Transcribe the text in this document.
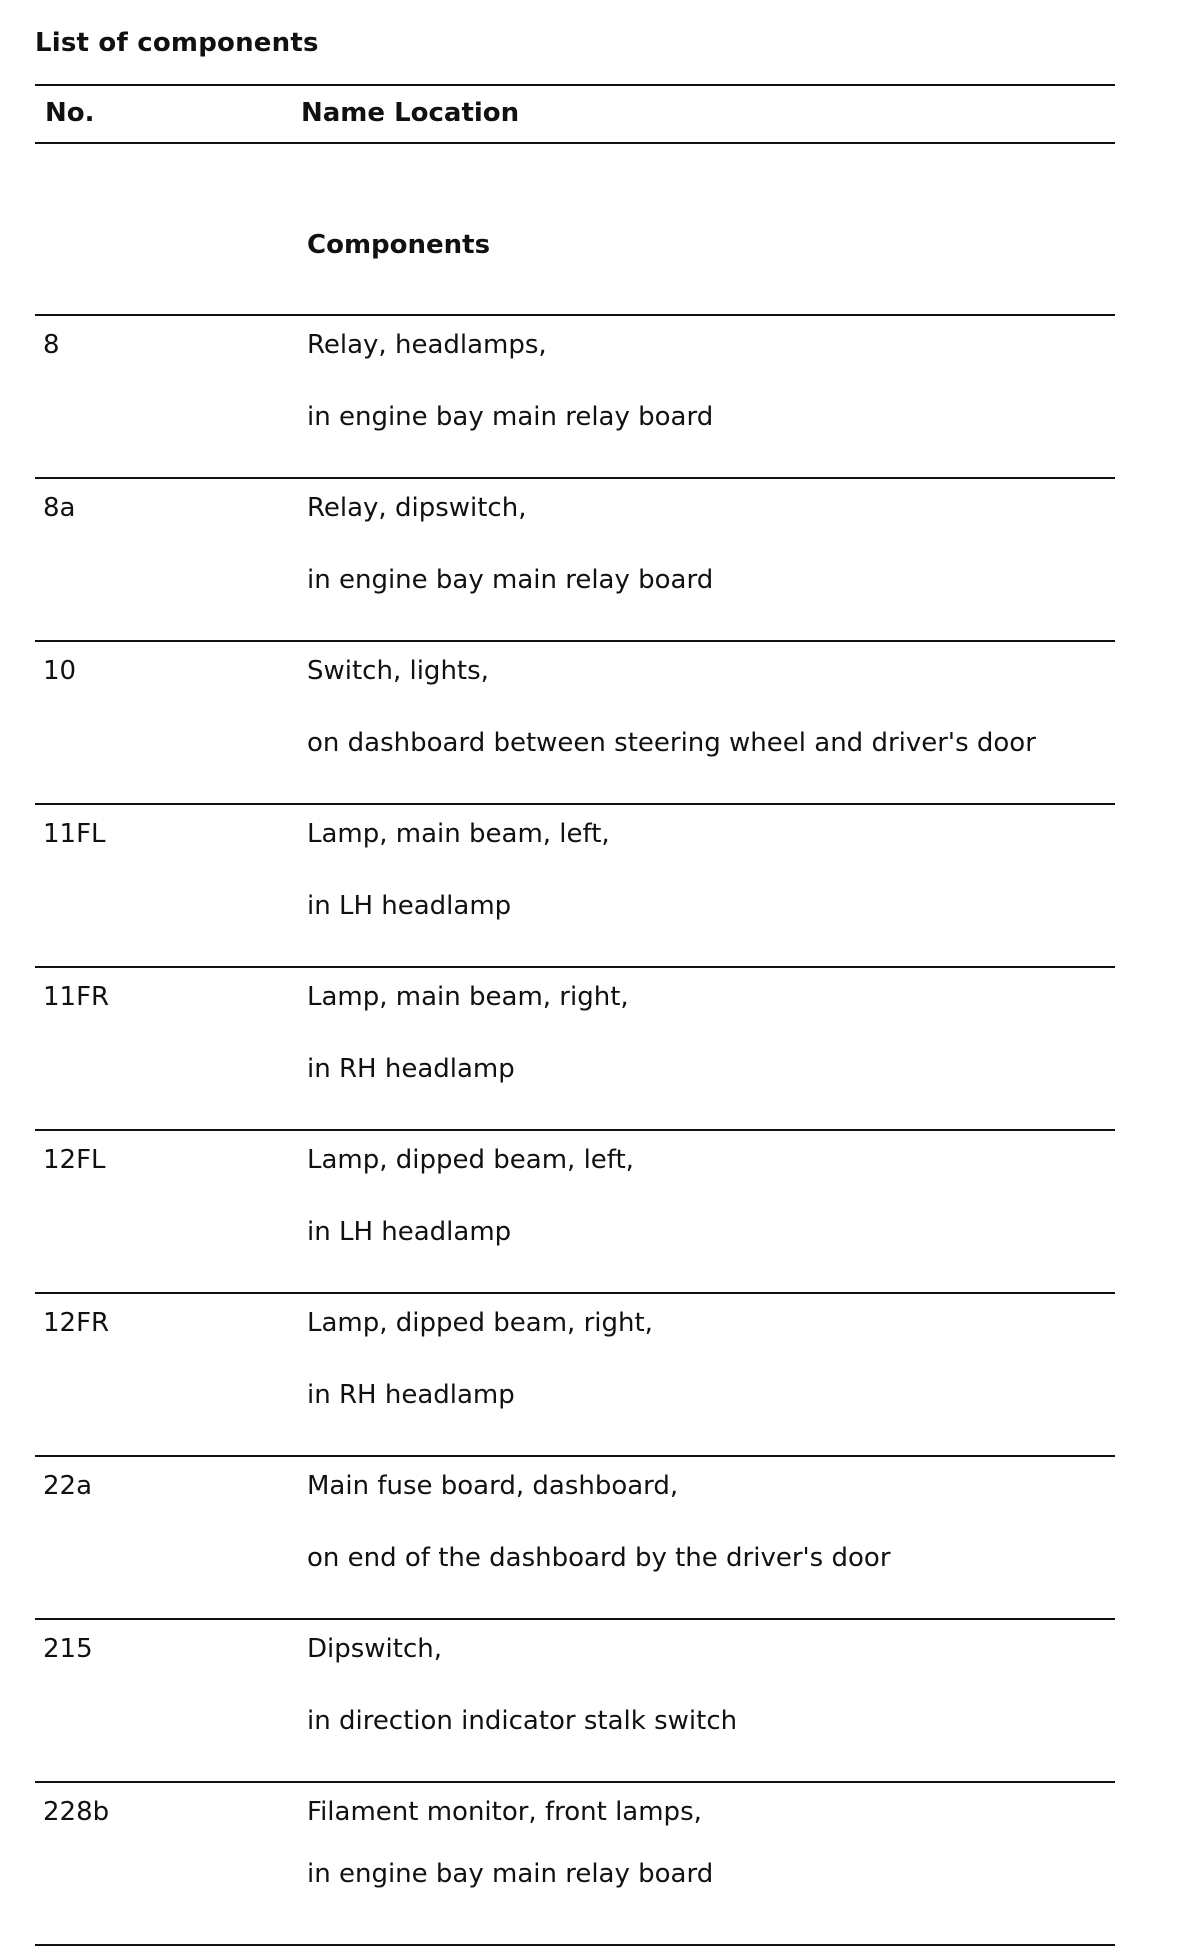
List of components
No.	Name Location
Components
8	Relay, headlamps,
in engine bay main relay board
8a	Relay, dipswitch,
in engine bay main relay board
10	Switch, lights,
on dashboard between steering wheel and driver's door
11FL	Lamp, main beam, left,
in LH headlamp
11FR	Lamp, main beam, right,
in RH headlamp
12FL	Lamp, dipped beam, left,
in LH headlamp
12FR	Lamp, dipped beam, right,
in RH headlamp
22a	Main fuse board, dashboard,
on end of the dashboard by the driver's door
215	Dipswitch,
in direction indicator stalk switch
228b	Filament monitor, front lamps,
in engine bay main relay board
